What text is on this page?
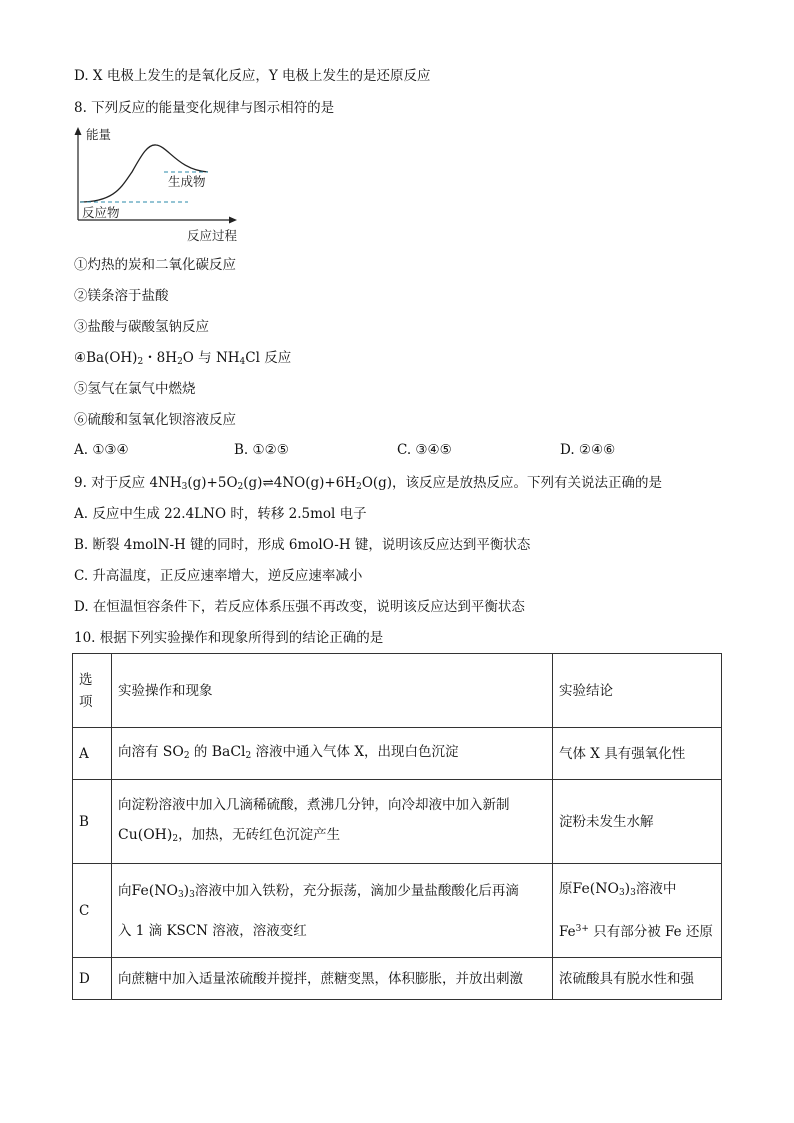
D. X 电极上发生的是氧化反应，Y 电极上发生的是还原反应
8. 下列反应的能量变化规律与图示相符的是
能量
生成物
反应物
反应过程
①灼热的炭和二氧化碳反应
②镁条溶于盐酸
③盐酸与碳酸氢钠反应
$④Ba(OH)_2$・$8H_2O$ 与 $NH_4Cl$ 反应
⑤氢气在氯气中燃烧
⑥硫酸和氢氧化钡溶液反应
A. ①③④	B. ①②⑤	C. ③④⑤	D. ②④⑥
9. 对于反应 $4NH_3(g)+5O_2(g)\rightleftharpoons 4NO(g)+6H_2O(g)$，该反应是放热反应。下列有关说法正确的是
A. 反应中生成 22.4LNO 时，转移 2.5mol 电子
B. 断裂 4molN-H 键的同时，形成 6molO-H 键，说明该反应达到平衡状态
C. 升高温度，正反应速率增大，逆反应速率减小
D. 在恒温恒容条件下，若反应体系压强不再改变，说明该反应达到平衡状态
10. 根据下列实验操作和现象所得到的结论正确的是
选
项	实验操作和现象	实验结论
A	向溶有 $SO_2$ 的 BaCl$_2$ 溶液中通入气体 X，出现白色沉淀	气体 X 具有强氧化性
B	向淀粉溶液中加入几滴稀硫酸，煮沸几分钟，向冷却液中加入新制
$Cu(OH)_2$，加热，无砖红色沉淀产生	淀粉未发生水解
C	向$Fe(NO_3)_3$溶液中加入铁粉，充分振荡，滴加少量盐酸酸化后再滴
入 1 滴 KSCN 溶液，溶液变红	原$Fe(NO_3)_3$溶液中
$Fe^{3+}$ 只有部分被 Fe 还原
D	向蔗糖中加入适量浓硫酸并搅拌，蔗糖变黑，体积膨胀，并放出刺激	浓硫酸具有脱水性和强
